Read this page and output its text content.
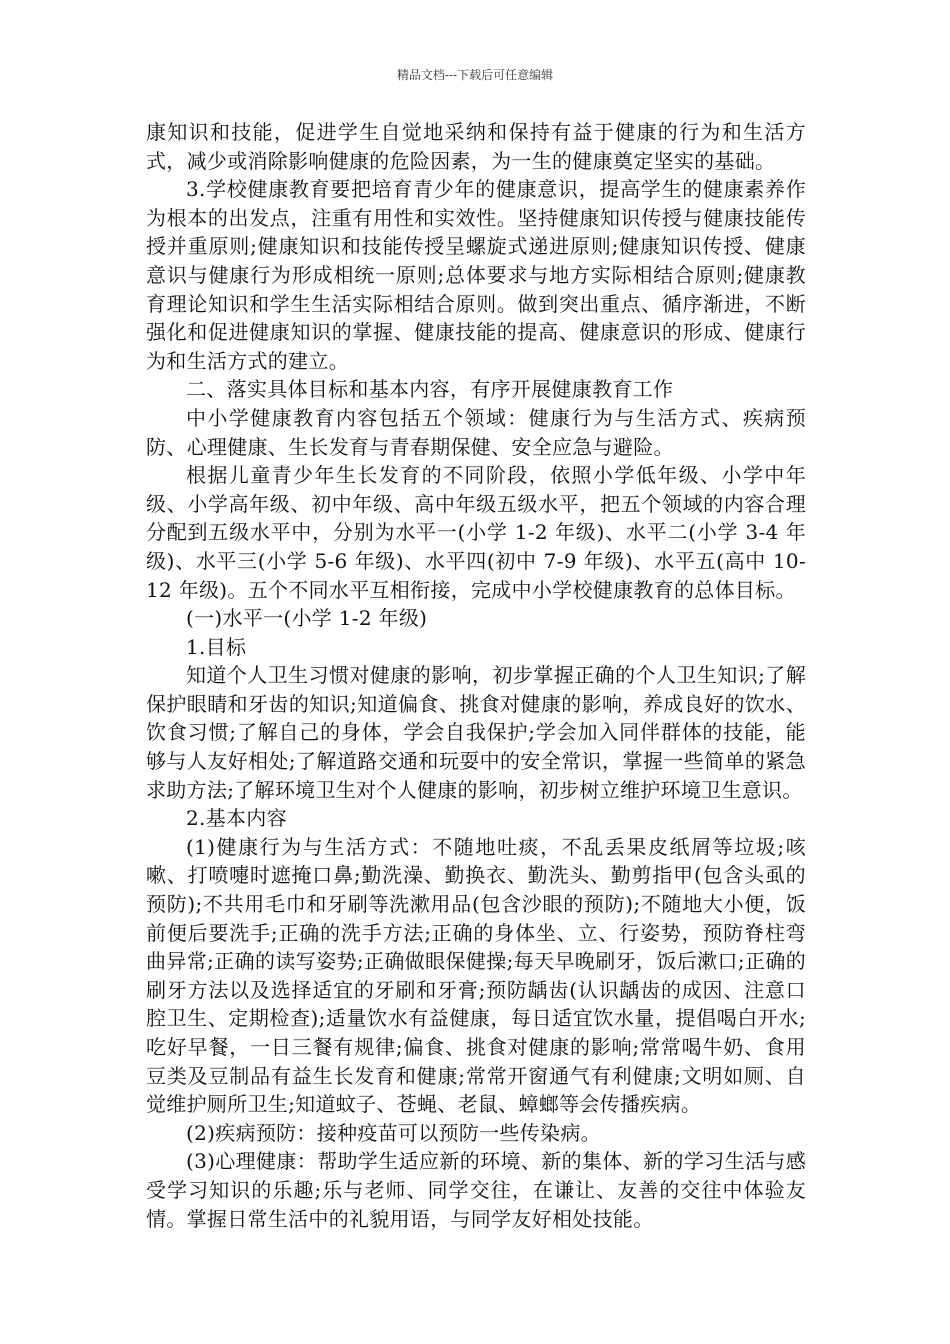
精品文档---下载后可任意编辑

康知识和技能，促进学生自觉地采纳和保持有益于健康的行为和生活方式，减少或消除影响健康的危险因素，为一生的健康奠定坚实的基础。

3.学校健康教育要把培育青少年的健康意识，提高学生的健康素养作为根本的出发点，注重有用性和实效性。坚持健康知识传授与健康技能传授并重原则;健康知识和技能传授呈螺旋式递进原则;健康知识传授、健康意识与健康行为形成相统一原则;总体要求与地方实际相结合原则;健康教育理论知识和学生生活实际相结合原则。做到突出重点、循序渐进，不断强化和促进健康知识的掌握、健康技能的提高、健康意识的形成、健康行为和生活方式的建立。

二、落实具体目标和基本内容，有序开展健康教育工作

中小学健康教育内容包括五个领域：健康行为与生活方式、疾病预防、心理健康、生长发育与青春期保健、安全应急与避险。

根据儿童青少年生长发育的不同阶段，依照小学低年级、小学中年级、小学高年级、初中年级、高中年级五级水平，把五个领域的内容合理分配到五级水平中，分别为水平一(小学 1-2 年级)、水平二(小学 3-4 年级)、水平三(小学 5-6 年级)、水平四(初中 7-9 年级)、水平五(高中 10-12 年级)。五个不同水平互相衔接，完成中小学校健康教育的总体目标。

(一)水平一(小学 1-2 年级)

1.目标

知道个人卫生习惯对健康的影响，初步掌握正确的个人卫生知识;了解保护眼睛和牙齿的知识;知道偏食、挑食对健康的影响，养成良好的饮水、饮食习惯;了解自己的身体，学会自我保护;学会加入同伴群体的技能，能够与人友好相处;了解道路交通和玩耍中的安全常识，掌握一些简单的紧急求助方法;了解环境卫生对个人健康的影响，初步树立维护环境卫生意识。

2.基本内容

(1)健康行为与生活方式：不随地吐痰，不乱丢果皮纸屑等垃圾;咳嗽、打喷嚏时遮掩口鼻;勤洗澡、勤换衣、勤洗头、勤剪指甲(包含头虱的预防);不共用毛巾和牙刷等洗漱用品(包含沙眼的预防);不随地大小便，饭前便后要洗手;正确的洗手方法;正确的身体坐、立、行姿势，预防脊柱弯曲异常;正确的读写姿势;正确做眼保健操;每天早晚刷牙，饭后漱口;正确的刷牙方法以及选择适宜的牙刷和牙膏;预防龋齿(认识龋齿的成因、注意口腔卫生、定期检查);适量饮水有益健康，每日适宜饮水量，提倡喝白开水;吃好早餐，一日三餐有规律;偏食、挑食对健康的影响;常常喝牛奶、食用豆类及豆制品有益生长发育和健康;常常开窗通气有利健康;文明如厕、自觉维护厕所卫生;知道蚊子、苍蝇、老鼠、蟑螂等会传播疾病。

(2)疾病预防：接种疫苗可以预防一些传染病。

(3)心理健康：帮助学生适应新的环境、新的集体、新的学习生活与感受学习知识的乐趣;乐与老师、同学交往，在谦让、友善的交往中体验友情。掌握日常生活中的礼貌用语，与同学友好相处技能。
